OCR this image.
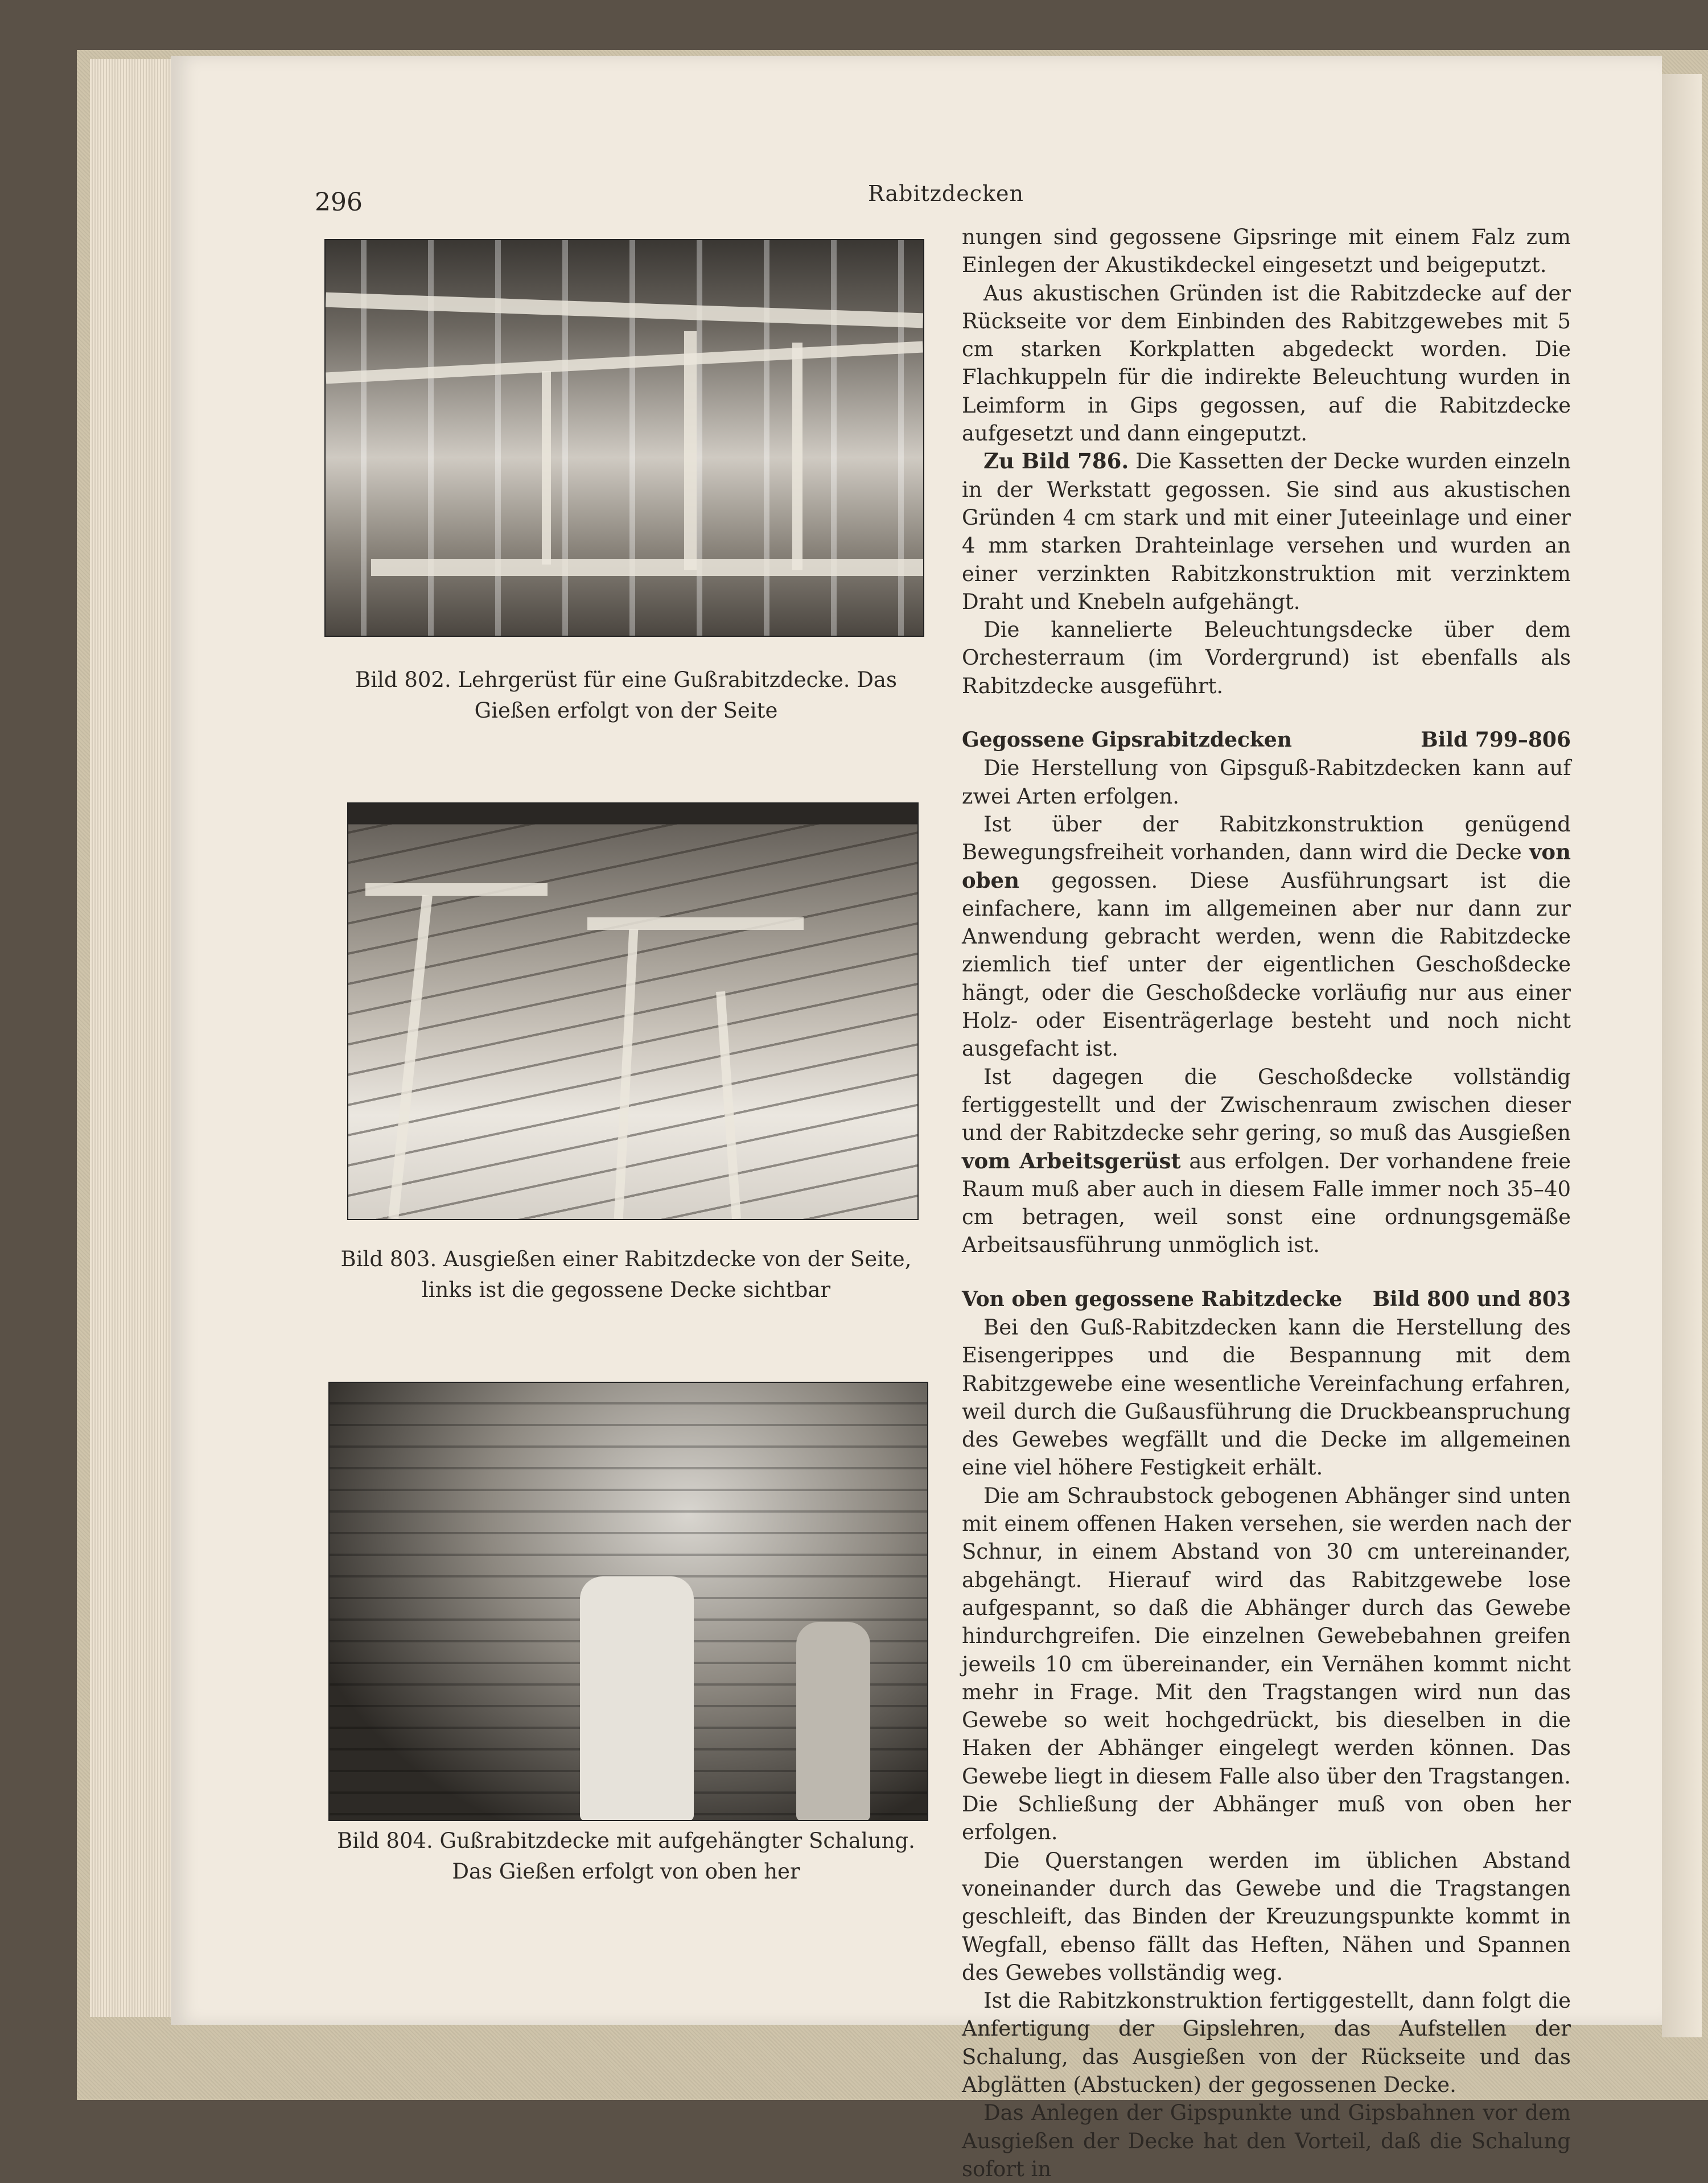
296	Rabitzdecken
Bild 802. Lehrgerüst für eine Gußrabitzdecke. Das Gießen erfolgt von der Seite
Bild 803. Ausgießen einer Rabitzdecke von der Seite, links ist die gegossene Decke sichtbar
Bild 804. Gußrabitzdecke mit aufgehängter Schalung. Das Gießen erfolgt von oben her

nungen sind gegossene Gipsringe mit einem Falz zum Einlegen der Akustikdeckel eingesetzt und beigeputzt.

Aus akustischen Gründen ist die Rabitzdecke auf der Rückseite vor dem Einbinden des Rabitzgewebes mit 5 cm starken Korkplatten abgedeckt worden. Die Flachkuppeln für die indirekte Beleuchtung wurden in Leimform in Gips gegossen, auf die Rabitzdecke aufgesetzt und dann eingeputzt.

Zu Bild 786. Die Kassetten der Decke wurden einzeln in der Werkstatt gegossen. Sie sind aus akustischen Gründen 4 cm stark und mit einer Juteeinlage und einer 4 mm starken Drahteinlage versehen und wurden an einer verzinkten Rabitzkonstruktion mit verzinktem Draht und Knebeln aufgehängt.

Die kannelierte Beleuchtungsdecke über dem Orchesterraum (im Vordergrund) ist ebenfalls als Rabitzdecke ausgeführt.

Gegossene Gipsrabitzdecken	Bild 799–806

Die Herstellung von Gipsguß-Rabitzdecken kann auf zwei Arten erfolgen.

Ist über der Rabitzkonstruktion genügend Bewegungsfreiheit vorhanden, dann wird die Decke von oben gegossen. Diese Ausführungsart ist die einfachere, kann im allgemeinen aber nur dann zur Anwendung gebracht werden, wenn die Rabitzdecke ziemlich tief unter der eigentlichen Geschoßdecke hängt, oder die Geschoßdecke vorläufig nur aus einer Holz- oder Eisenträgerlage besteht und noch nicht ausgefacht ist.

Ist dagegen die Geschoßdecke vollständig fertiggestellt und der Zwischenraum zwischen dieser und der Rabitzdecke sehr gering, so muß das Ausgießen vom Arbeitsgerüst aus erfolgen. Der vorhandene freie Raum muß aber auch in diesem Falle immer noch 35–40 cm betragen, weil sonst eine ordnungsgemäße Arbeitsausführung unmöglich ist.

Von oben gegossene Rabitzdecke Bild 800 und 803

Bei den Guß-Rabitzdecken kann die Herstellung des Eisengerippes und die Bespannung mit dem Rabitzgewebe eine wesentliche Vereinfachung erfahren, weil durch die Gußausführung die Druckbeanspruchung des Gewebes wegfällt und die Decke im allgemeinen eine viel höhere Festigkeit erhält.

Die am Schraubstock gebogenen Abhänger sind unten mit einem offenen Haken versehen, sie werden nach der Schnur, in einem Abstand von 30 cm untereinander, abgehängt. Hierauf wird das Rabitzgewebe lose aufgespannt, so daß die Abhänger durch das Gewebe hindurchgreifen. Die einzelnen Gewebebahnen greifen jeweils 10 cm übereinander, ein Vernähen kommt nicht mehr in Frage. Mit den Tragstangen wird nun das Gewebe so weit hochgedrückt, bis dieselben in die Haken der Abhänger eingelegt werden können. Das Gewebe liegt in diesem Falle also über den Tragstangen. Die Schließung der Abhänger muß von oben her erfolgen.

Die Querstangen werden im üblichen Abstand voneinander durch das Gewebe und die Tragstangen geschleift, das Binden der Kreuzungspunkte kommt in Wegfall, ebenso fällt das Heften, Nähen und Spannen des Gewebes vollständig weg.

Ist die Rabitzkonstruktion fertiggestellt, dann folgt die Anfertigung der Gipslehren, das Aufstellen der Schalung, das Ausgießen von der Rückseite und das Abglätten (Abstucken) der gegossenen Decke.

Das Anlegen der Gipspunkte und Gipsbahnen vor dem Ausgießen der Decke hat den Vorteil, daß die Schalung sofort in
